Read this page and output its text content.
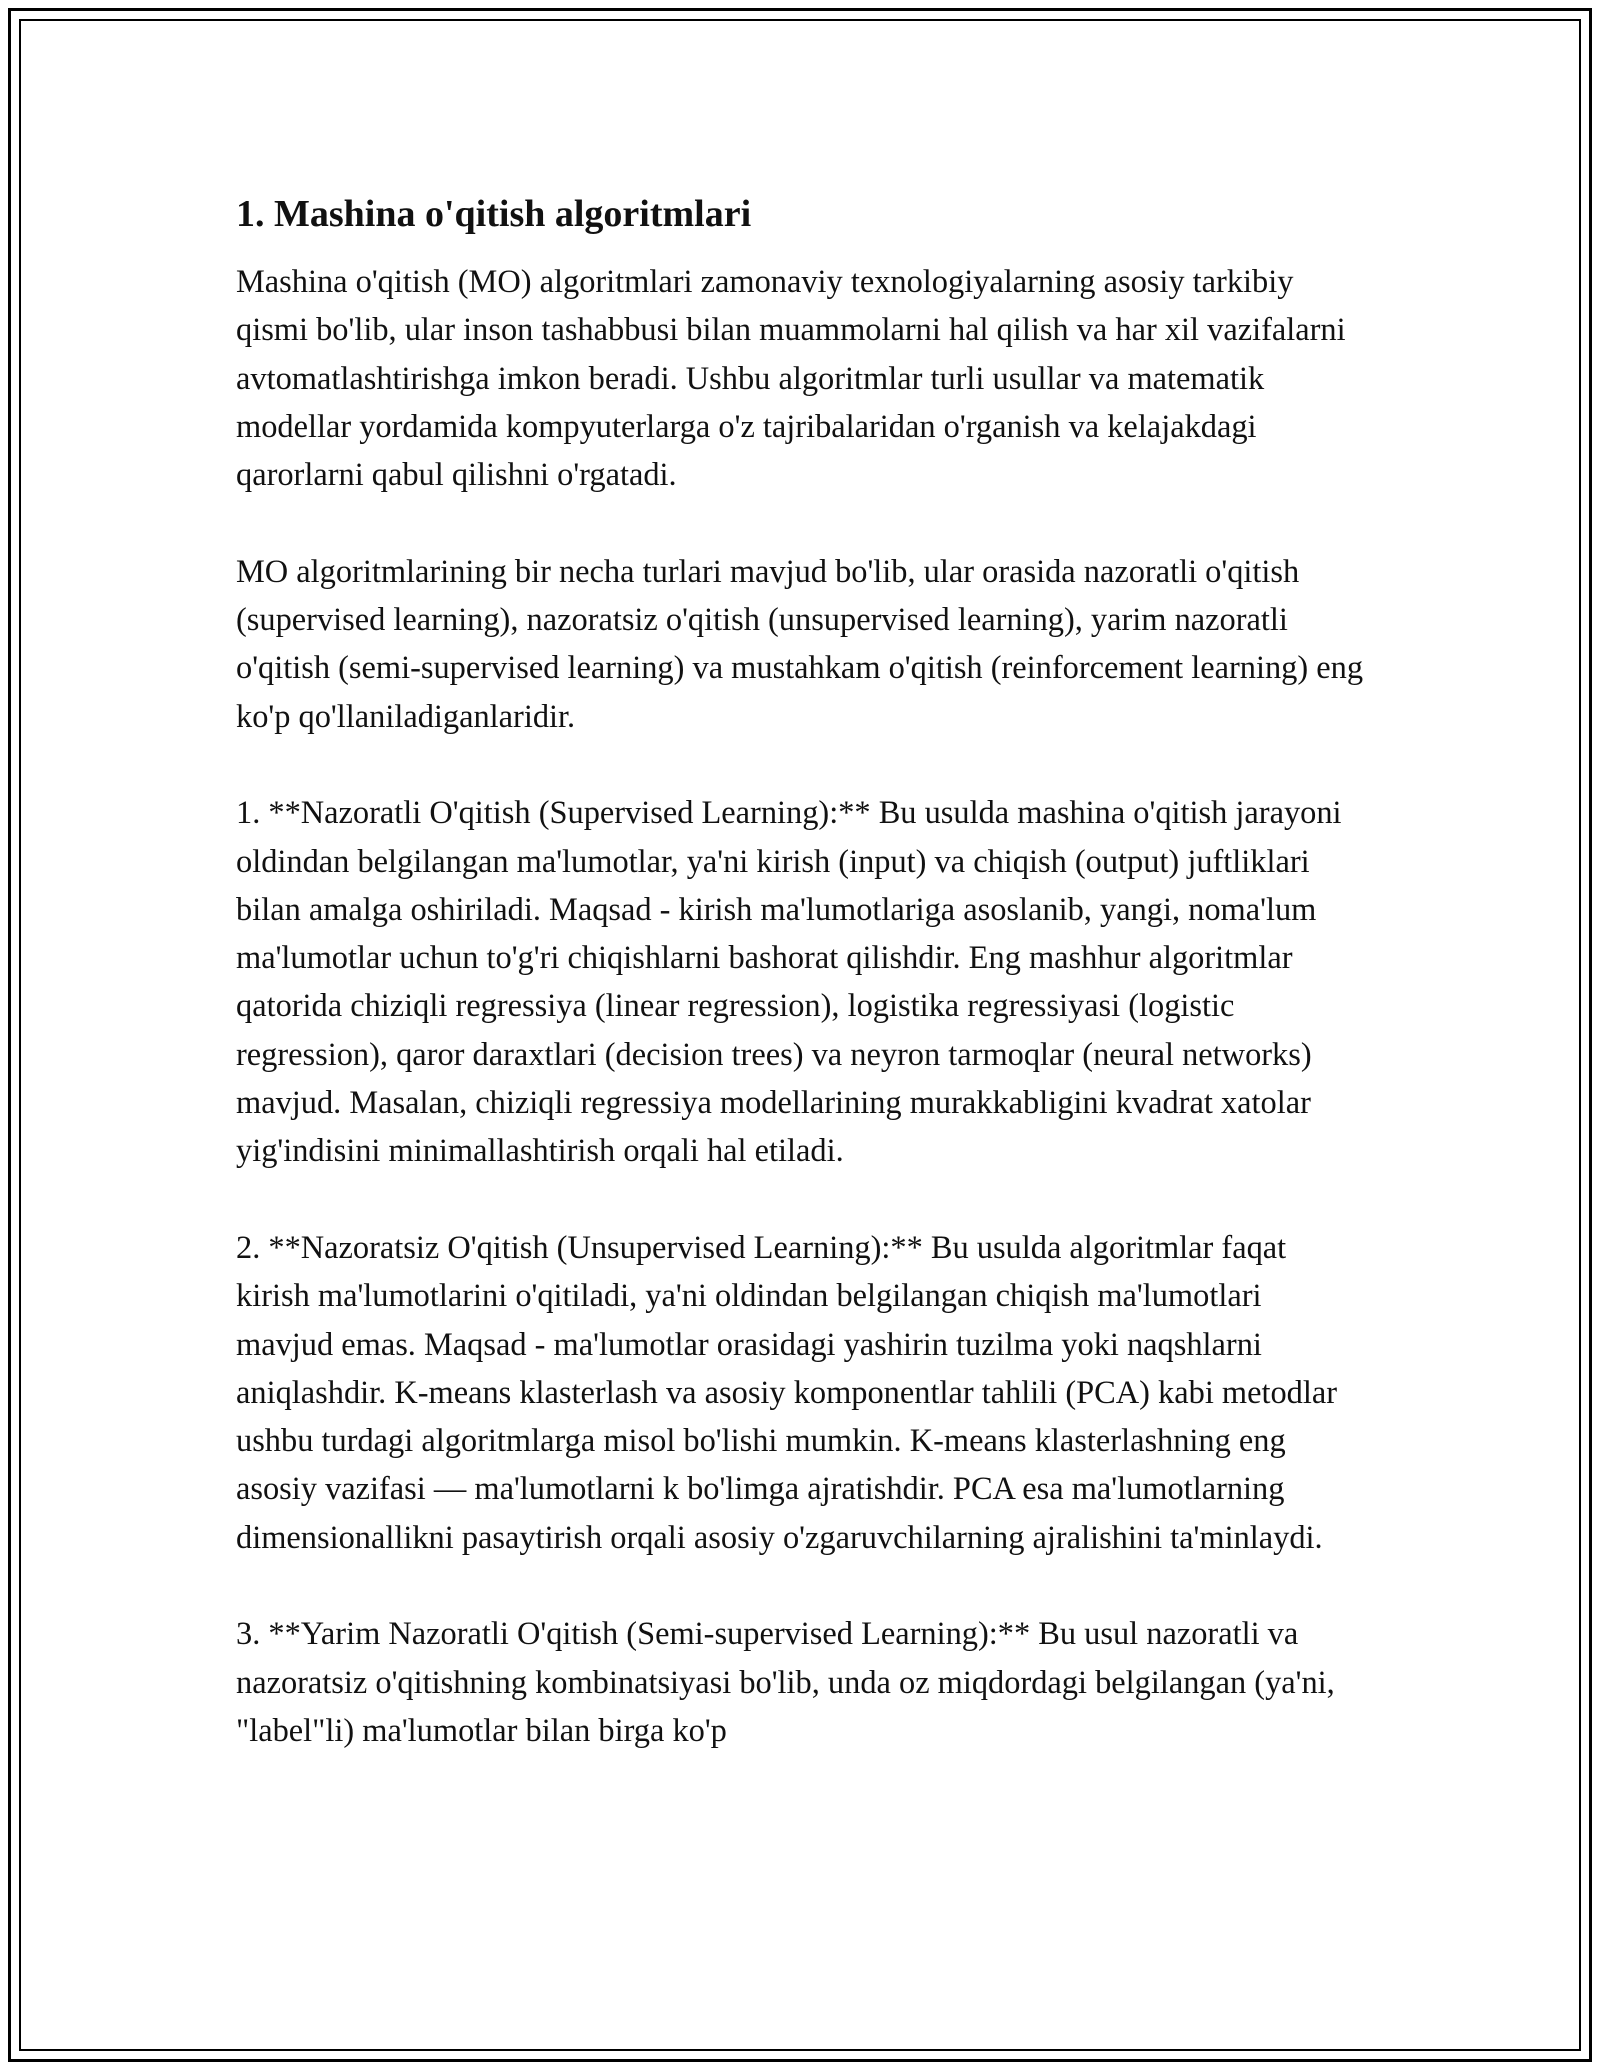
1. Mashina o'qitish algoritmlari

Mashina o'qitish (MO) algoritmlari zamonaviy texnologiyalarning asosiy tarkibiy qismi bo'lib, ular inson tashabbusi bilan muammolarni hal qilish va har xil vazifalarni avtomatlashtirishga imkon beradi. Ushbu algoritmlar turli usullar va matematik modellar yordamida kompyuterlarga o'z tajribalaridan o'rganish va kelajakdagi qarorlarni qabul qilishni o'rgatadi.

MO algoritmlarining bir necha turlari mavjud bo'lib, ular orasida nazoratli o'qitish (supervised learning), nazoratsiz o'qitish (unsupervised learning), yarim nazoratli o'qitish (semi-supervised learning) va mustahkam o'qitish (reinforcement learning) eng ko'p qo'llaniladiganlaridir.

1. **Nazoratli O'qitish (Supervised Learning):** Bu usulda mashina o'qitish jarayoni oldindan belgilangan ma'lumotlar, ya'ni kirish (input) va chiqish (output) juftliklari bilan amalga oshiriladi. Maqsad - kirish ma'lumotlariga asoslanib, yangi, noma'lum ma'lumotlar uchun to'g'ri chiqishlarni bashorat qilishdir. Eng mashhur algoritmlar qatorida chiziqli regressiya (linear regression), logistika regressiyasi (logistic regression), qaror daraxtlari (decision trees) va neyron tarmoqlar (neural networks) mavjud. Masalan, chiziqli regressiya modellarining murakkabligini kvadrat xatolar yig'indisini minimallashtirish orqali hal etiladi.

2. **Nazoratsiz O'qitish (Unsupervised Learning):** Bu usulda algoritmlar faqat kirish ma'lumotlarini o'qitiladi, ya'ni oldindan belgilangan chiqish ma'lumotlari mavjud emas. Maqsad - ma'lumotlar orasidagi yashirin tuzilma yoki naqshlarni aniqlashdir. K-means klasterlash va asosiy komponentlar tahlili (PCA) kabi metodlar ushbu turdagi algoritmlarga misol bo'lishi mumkin. K-means klasterlashning eng asosiy vazifasi — ma'lumotlarni k bo'limga ajratishdir. PCA esa ma'lumotlarning dimensionallikni pasaytirish orqali asosiy o'zgaruvchilarning ajralishini ta'minlaydi.

3. **Yarim Nazoratli O'qitish (Semi-supervised Learning):** Bu usul nazoratli va nazoratsiz o'qitishning kombinatsiyasi bo'lib, unda oz miqdordagi belgilangan (ya'ni, "label"li) ma'lumotlar bilan birga ko'p
